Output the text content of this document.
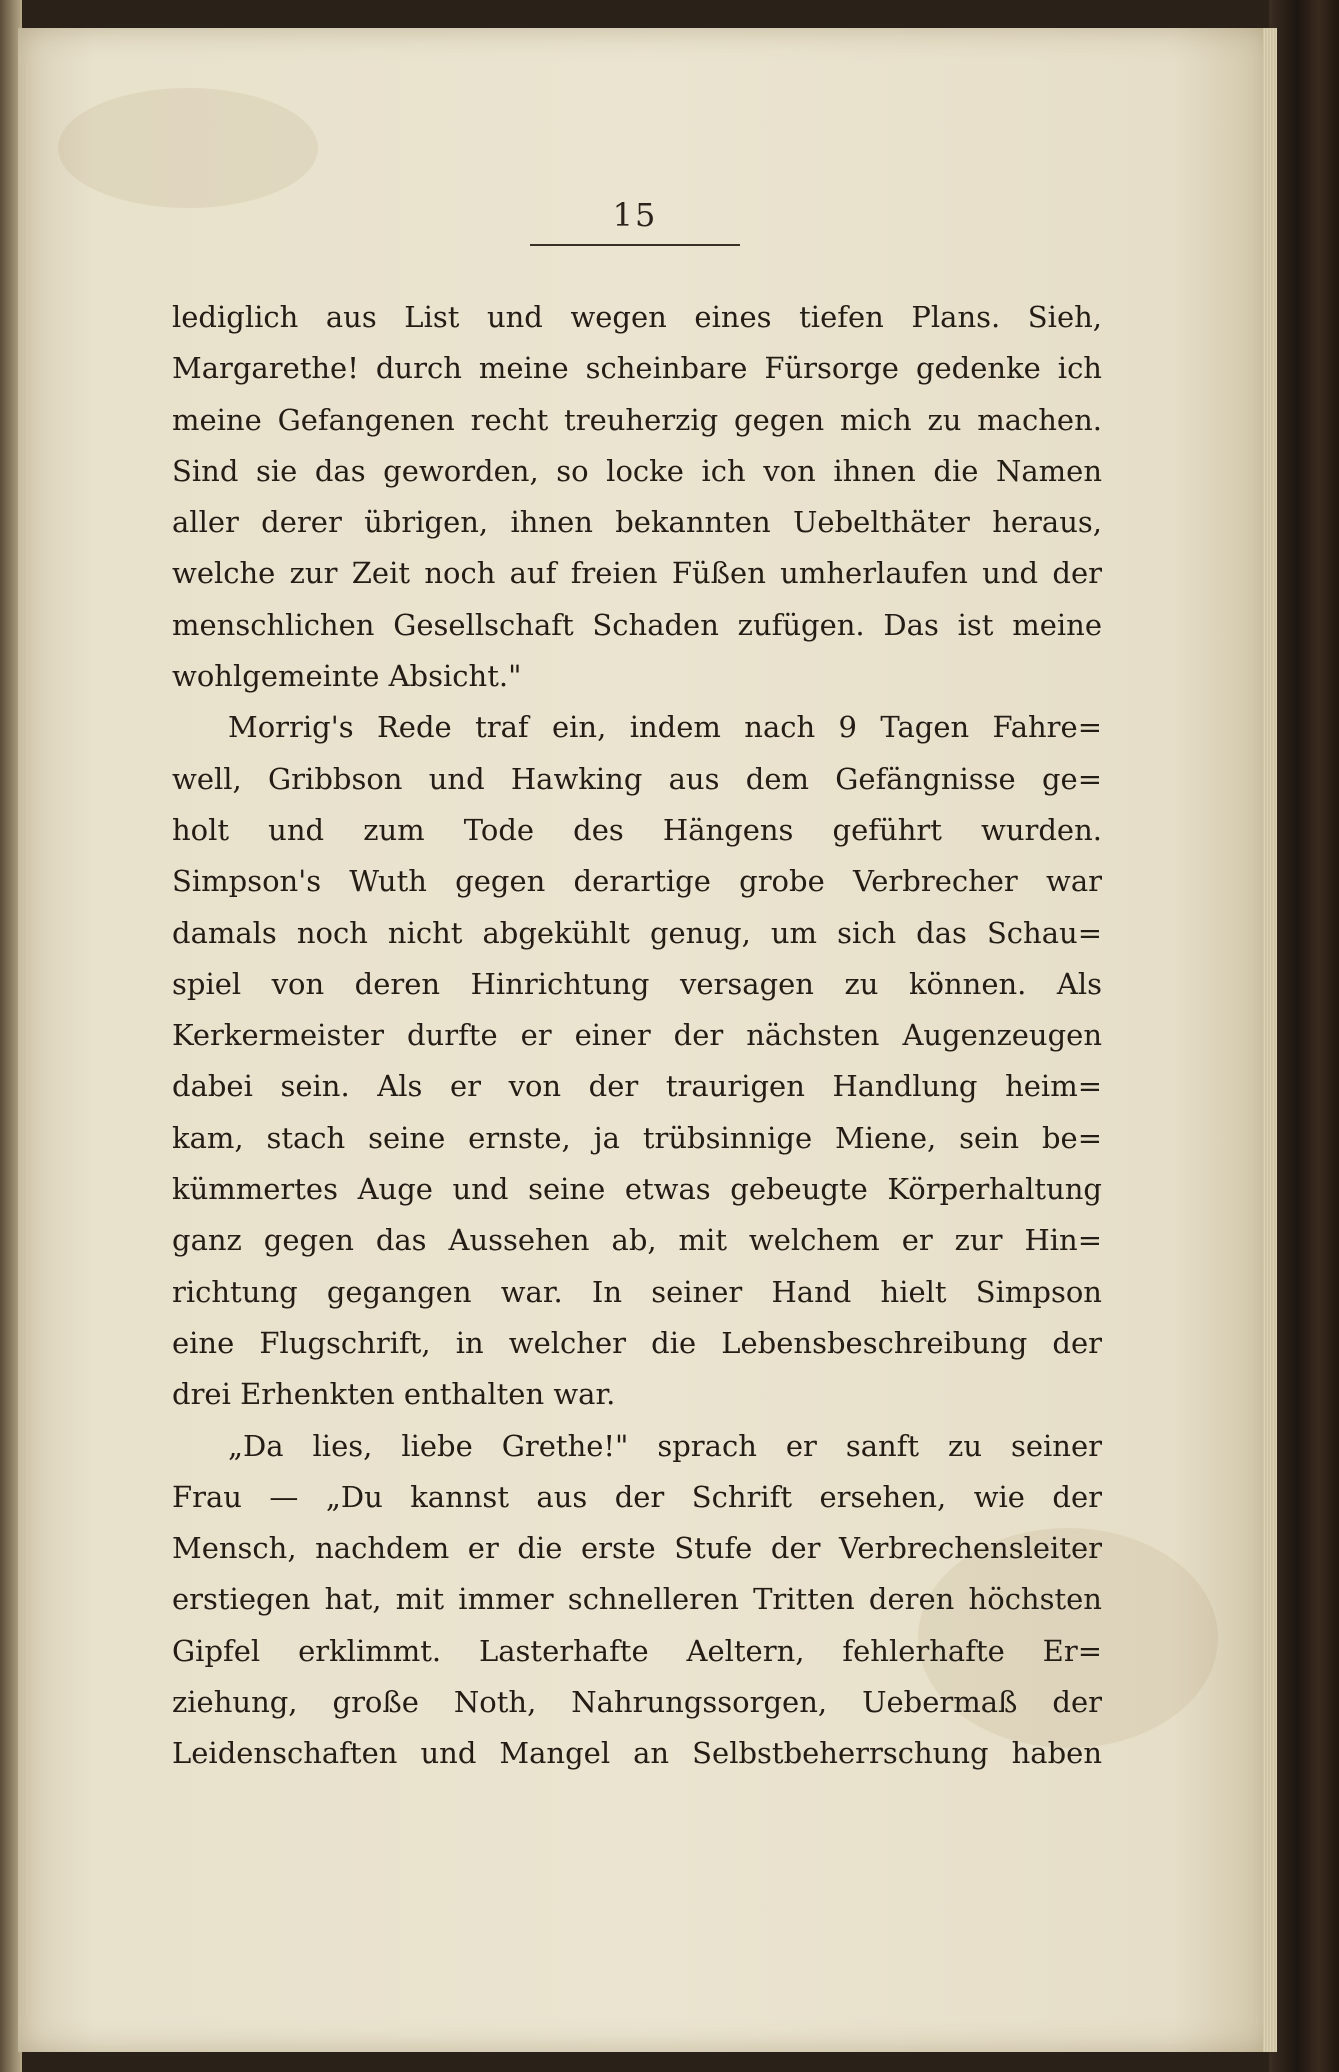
15
lediglich aus List und wegen eines tiefen Plans. Sieh,
Margarethe! durch meine scheinbare Fürsorge gedenke ich
meine Gefangenen recht treuherzig gegen mich zu machen.
Sind sie das geworden, so locke ich von ihnen die Namen
aller derer übrigen, ihnen bekannten Uebelthäter heraus,
welche zur Zeit noch auf freien Füßen umherlaufen und der
menschlichen Gesellschaft Schaden zufügen. Das ist meine
wohlgemeinte Absicht."
Morrig's Rede traf ein, indem nach 9 Tagen Fahre=
well, Gribbson und Hawking aus dem Gefängnisse ge=
holt und zum Tode des Hängens geführt wurden.
Simpson's Wuth gegen derartige grobe Verbrecher war
damals noch nicht abgekühlt genug, um sich das Schau=
spiel von deren Hinrichtung versagen zu können. Als
Kerkermeister durfte er einer der nächsten Augenzeugen
dabei sein. Als er von der traurigen Handlung heim=
kam, stach seine ernste, ja trübsinnige Miene, sein be=
kümmertes Auge und seine etwas gebeugte Körperhaltung
ganz gegen das Aussehen ab, mit welchem er zur Hin=
richtung gegangen war. In seiner Hand hielt Simpson
eine Flugschrift, in welcher die Lebensbeschreibung der
drei Erhenkten enthalten war.
„Da lies, liebe Grethe!" sprach er sanft zu seiner
Frau — „Du kannst aus der Schrift ersehen, wie der
Mensch, nachdem er die erste Stufe der Verbrechensleiter
erstiegen hat, mit immer schnelleren Tritten deren höchsten
Gipfel erklimmt. Lasterhafte Aeltern, fehlerhafte Er=
ziehung, große Noth, Nahrungssorgen, Uebermaß der
Leidenschaften und Mangel an Selbstbeherrschung haben
